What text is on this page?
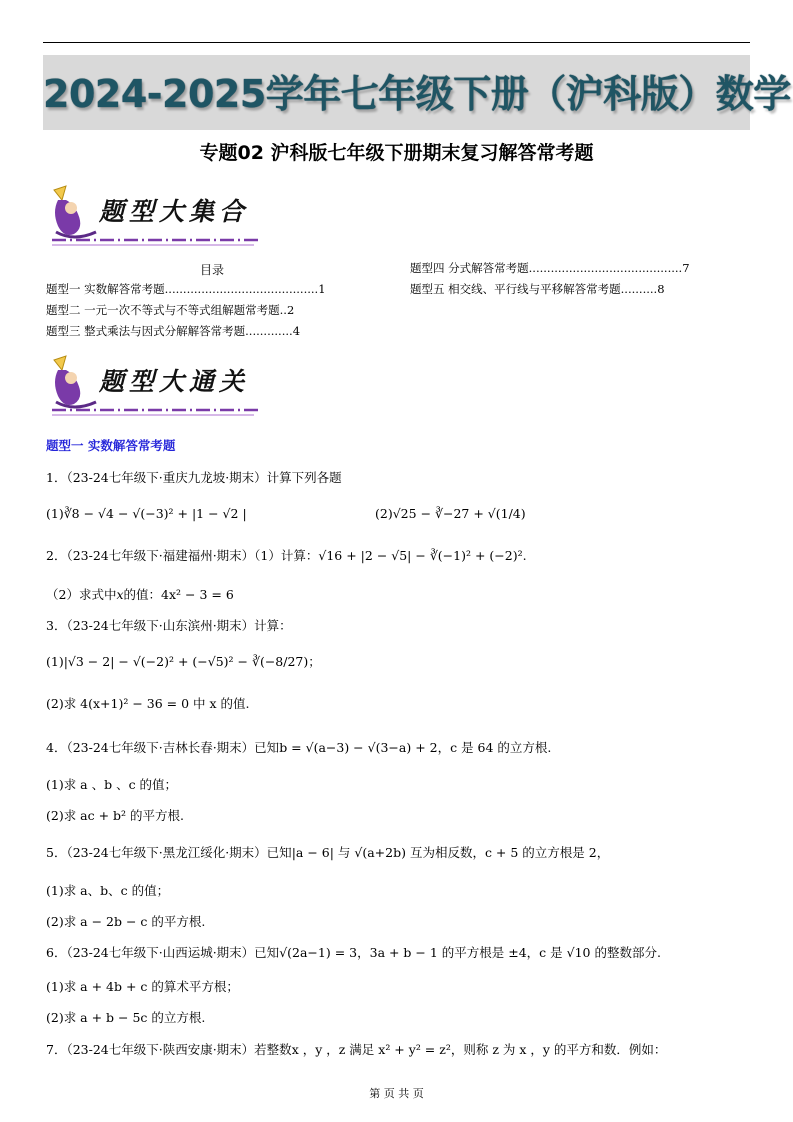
2024-2025学年七年级下册（沪科版）数学
专题02 沪科版七年级下册期末复习解答常考题
题型大集合
目录
题型一 实数解答常考题 .......................................... 1
题型二 一元一次不等式与不等式组解题常考题 .. 2
题型三 整式乘法与因式分解解答常考题 ............. 4
题型四 分式解答常考题 .......................................... 7
题型五 相交线、平行线与平移解答常考题 .......... 8
题型大通关
题型一 实数解答常考题
1．（23-24七年级下·重庆九龙坡·期末）计算下列各题
(1)∛8 − √4 − √(−3)² + |1 − √2 |	(2)√25 − ∛−27 + √(1/4)
2．（23-24七年级下·福建福州·期末）（1）计算：√16 + |2 − √5| − ∛(−1)² + (−2)².
（2）求式中x的值：4x² − 3 = 6
3．（23-24七年级下·山东滨州·期末）计算：
(1)|√3 − 2| − √(−2)² + (−√5)² − ∛(−8/27)；
(2)求 4(x+1)² − 36 = 0 中 x 的值.
4．（23-24七年级下·吉林长春·期末）已知b = √(a−3) − √(3−a) + 2，c 是 64 的立方根.
(1)求 a 、b 、c 的值；
(2)求 ac + b² 的平方根.
5．（23-24七年级下·黑龙江绥化·期末）已知|a − 6| 与 √(a+2b) 互为相反数，c + 5 的立方根是 2，
(1)求 a、b、c 的值；
(2)求 a − 2b − c 的平方根.
6．（23-24七年级下·山西运城·期末）已知√(2a−1) = 3，3a + b − 1 的平方根是 ±4，c 是 √10 的整数部分.
(1)求 a + 4b + c 的算术平方根；
(2)求 a + b − 5c 的立方根.
7．（23-24七年级下·陕西安康·期末）若整数x ，y ，z 满足 x² + y² = z²，则称 z 为 x ，y 的平方和数．例如：
第 页 共 页
